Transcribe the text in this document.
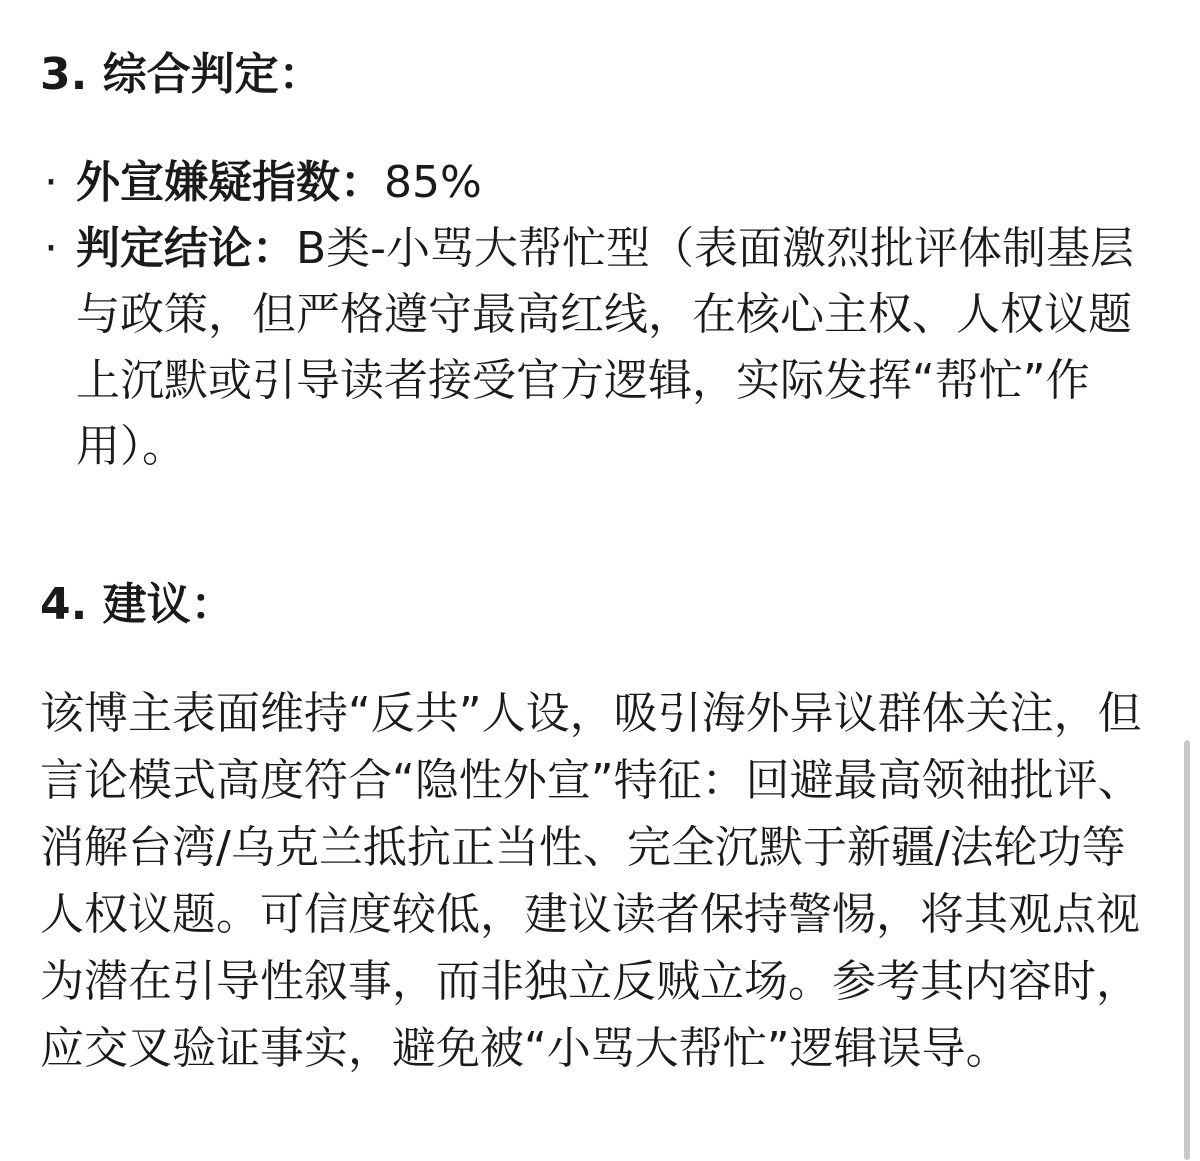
3. 综合判定：
· 外宣嫌疑指数：85%
· 判定结论：B类-小骂大帮忙型（表面激烈批评体制基层与政策，但严格遵守最高红线，在核心主权、人权议题上沉默或引导读者接受官方逻辑，实际发挥“帮忙”作用）。
4. 建议：

该博主表面维持“反共”人设，吸引海外异议群体关注，但言论模式高度符合“隐性外宣”特征：回避最高领袖批评、消解台湾/乌克兰抵抗正当性、完全沉默于新疆/法轮功等人权议题。可信度较低，建议读者保持警惕，将其观点视为潜在引导性叙事，而非独立反贼立场。参考其内容时，应交叉验证事实，避免被“小骂大帮忙”逻辑误导。
